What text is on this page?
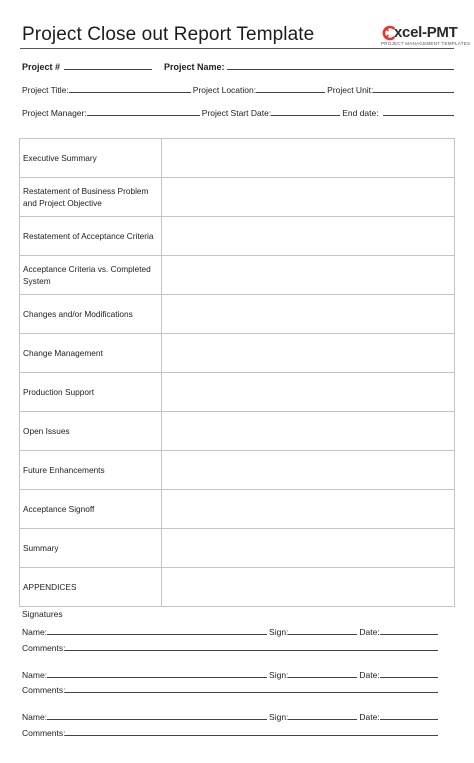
Project Close out Report Template	xcel-PMT
PROJECT MANAGEMENT TEMPLATES
Project #	Project Name:
Project Title:	Project Location:	Project Unit:
Project Manager:	Project Start Date:	End date:
Executive Summary	
Restatement of Business Problem and Project Objective	
Restatement of Acceptance Criteria	
Acceptance Criteria vs. Completed System	
Changes and/or Modifications	
Change Management	
Production Support	
Open Issues	
Future Enhancements	
Acceptance Signoff	
Summary	
APPENDICES	
Signatures
Name:	Sign:	Date:
Comments:
Name:	Sign:	Date:
Comments:
Name:	Sign:	Date:
Comments:
